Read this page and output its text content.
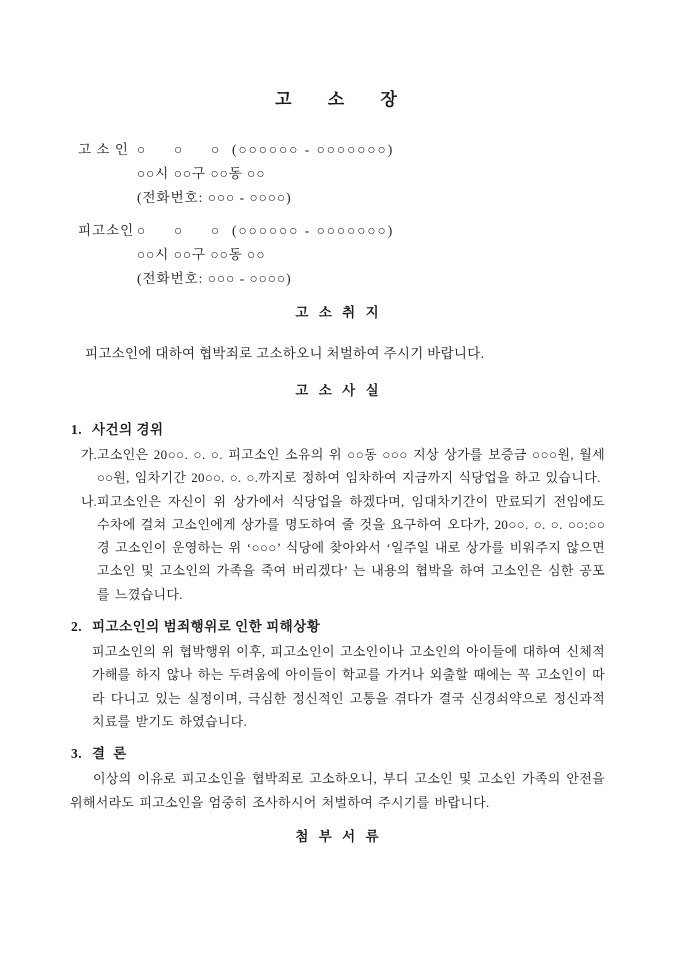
고 소 장
고 소 인 ○     ○     ○  (○○○○○○ - ○○○○○○○)
○○시 ○○구 ○○동 ○○
(전화번호: ○○○ - ○○○○)
피고소인 ○     ○     ○  (○○○○○○ - ○○○○○○○)
○○시 ○○구 ○○동 ○○
(전화번호: ○○○ - ○○○○)
고 소 취 지

피고소인에 대하여 협박죄로 고소하오니 처벌하여 주시기 바랍니다.

고 소 사 실
1. 사건의 경위
가. 고소인은 20○○. ○. ○. 피고소인 소유의 위 ○○동 ○○○ 지상 상가를 보증금 ○○○원, 월세 ○○원, 임차기간 20○○. ○. ○.까지로 정하여 임차하여 지금까지 식당업을 하고 있습니다.
나. 피고소인은 자신이 위 상가에서 식당업을 하겠다며, 임대차기간이 만료되기 전임에도 수차에 걸쳐 고소인에게 상가를 명도하여 줄 것을 요구하여 오다가, 20○○. ○. ○. ○○:○○경 고소인이 운영하는 위 ‘○○○’ 식당에 찾아와서 ‘일주일 내로 상가를 비워주지 않으면 고소인 및 고소인의 가족을 죽여 버리겠다’ 는 내용의 협박을 하여 고소인은 심한 공포를 느꼈습니다.
2. 피고소인의 범죄행위로 인한 피해상황

피고소인의 위 협박행위 이후, 피고소인이 고소인이나 고소인의 아이들에 대하여 신체적 가해를 하지 않나 하는 두려움에 아이들이 학교를 가거나 외출할 때에는 꼭 고소인이 따라 다니고 있는 실정이며, 극심한 정신적인 고통을 겪다가 결국 신경쇠약으로 정신과적 치료를 받기도 하였습니다.

3. 결  론

이상의 이유로 피고소인을 협박죄로 고소하오니, 부디 고소인 및 고소인 가족의 안전을 위해서라도 피고소인을 엄중히 조사하시어 처벌하여 주시기를 바랍니다.

첨 부 서 류
